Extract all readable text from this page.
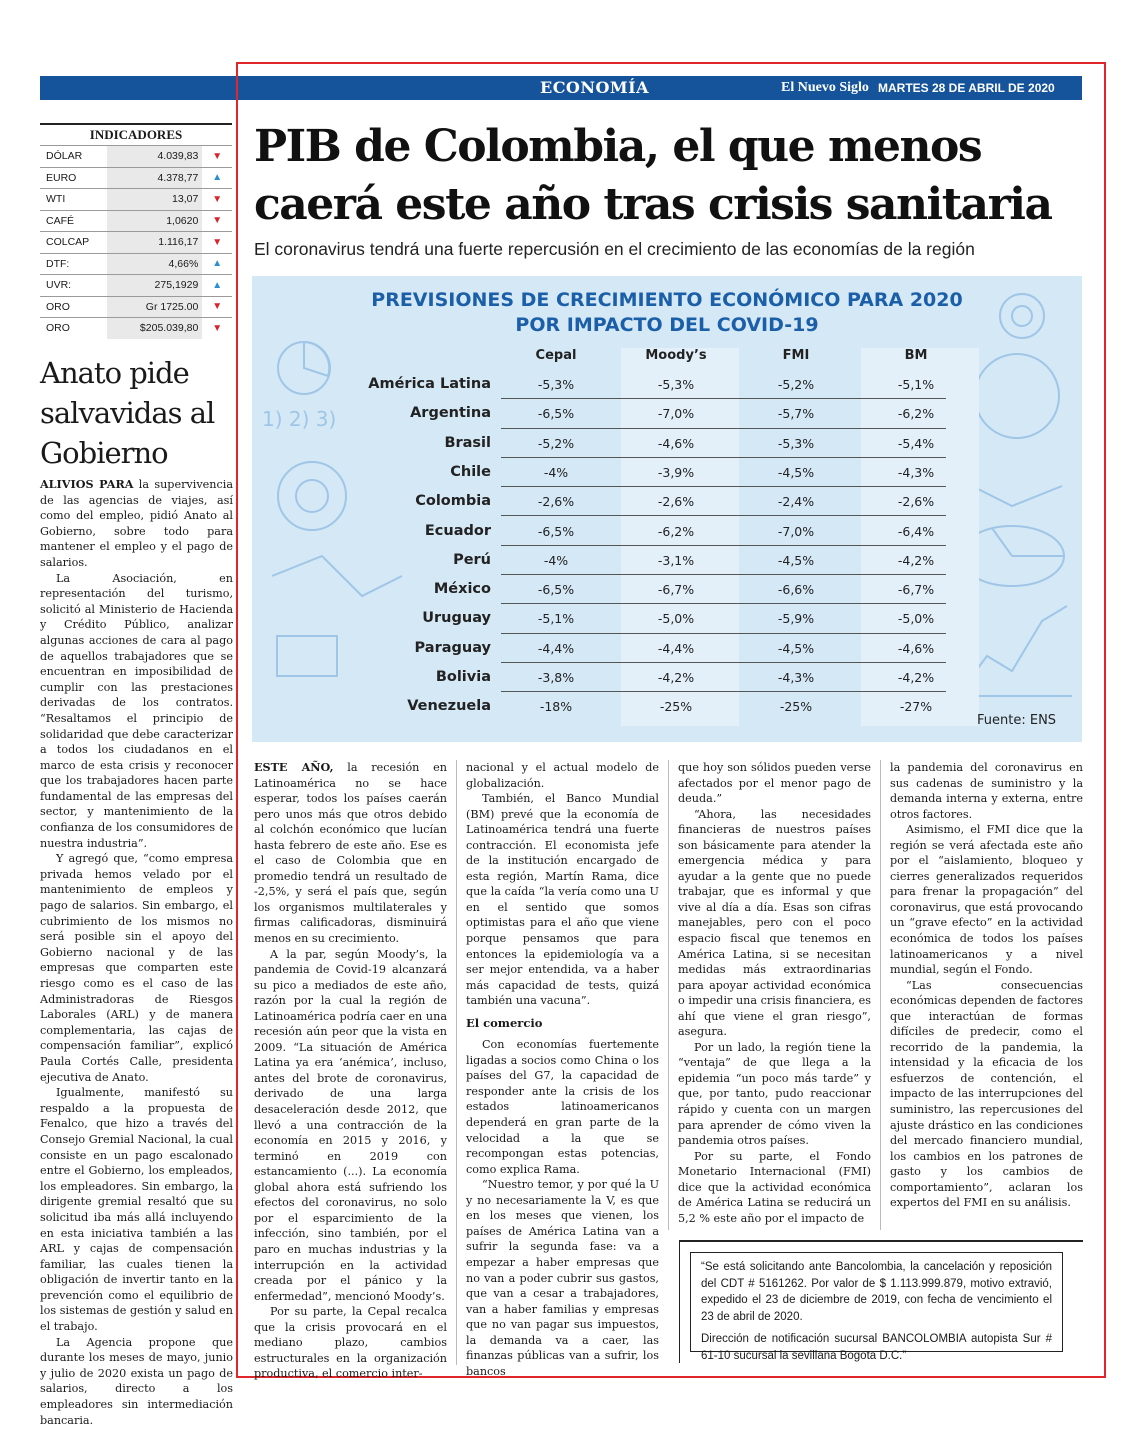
ECONOMÍA	El Nuevo Siglo MARTES 28 DE ABRIL DE 2020 15
INDICADORES
DÓLAR	4.039,83	▼
EURO	4.378,77	▲
WTI	13,07	▼
CAFÉ	1,0620	▼
COLCAP	1.116,17	▼
DTF:	4,66%	▲
UVR:	275,1929	▲
ORO	Gr 1725.00	▼
ORO	$205.039,80	▼
Anato pide salvavidas al Gobierno

ALIVIOS PARA la supervivencia de las agencias de viajes, así como del empleo, pidió Anato al Gobierno, sobre todo para mantener el empleo y el pago de salarios.

La Asociación, en representación del turismo, solicitó al Ministerio de Hacienda y Crédito Público, analizar algunas acciones de cara al pago de aquellos trabajadores que se encuentran en imposibilidad de cumplir con las prestaciones derivadas de los contratos. “Resaltamos el principio de solidaridad que debe caracterizar a todos los ciudadanos en el marco de esta crisis y reconocer que los trabajadores hacen parte fundamental de las empresas del sector, y mantenimiento de la confianza de los consumidores de nuestra industria”.

Y agregó que, “como empresa privada hemos velado por el mantenimiento de empleos y pago de salarios. Sin embargo, el cubrimiento de los mismos no será posible sin el apoyo del Gobierno nacional y de las empresas que comparten este riesgo como es el caso de las Administradoras de Riesgos Laborales (ARL) y de manera complementaria, las cajas de compensación familiar”, explicó Paula Cortés Calle, presidenta ejecutiva de Anato.

Igualmente, manifestó su respaldo a la propuesta de Fenalco, que hizo a través del Consejo Gremial Nacional, la cual consiste en un pago escalonado entre el Gobierno, los empleados, los empleadores. Sin embargo, la dirigente gremial resaltó que su solicitud iba más allá incluyendo en esta iniciativa también a las ARL y cajas de compensación familiar, las cuales tienen la obligación de invertir tanto en la prevención como el equilibrio de los sistemas de gestión y salud en el trabajo.

La Agencia propone que durante los meses de mayo, junio y julio de 2020 exista un pago de salarios, directo a los empleadores sin intermediación bancaria.

PIB de Colombia, el que menos caerá este año tras crisis sanitaria
El coronavirus tendrá una fuerte repercusión en el crecimiento de las economías de la región
1) 2) 3)
PREVISIONES DE CRECIMIENTO ECONÓMICO PARA 2020
POR IMPACTO DEL COVID-19
Cepal	Moody’s	FMI	BM
América Latina	-5,3%	-5,3%	-5,2%	-5,1%
Argentina	-6,5%	-7,0%	-5,7%	-6,2%
Brasil	-5,2%	-4,6%	-5,3%	-5,4%
Chile	-4%	-3,9%	-4,5%	-4,3%
Colombia	-2,6%	-2,6%	-2,4%	-2,6%
Ecuador	-6,5%	-6,2%	-7,0%	-6,4%
Perú	-4%	-3,1%	-4,5%	-4,2%
México	-6,5%	-6,7%	-6,6%	-6,7%
Uruguay	-5,1%	-5,0%	-5,9%	-5,0%
Paraguay	-4,4%	-4,4%	-4,5%	-4,6%
Bolivia	-3,8%	-4,2%	-4,3%	-4,2%
Venezuela	-18%	-25%	-25%	-27%
Fuente: ENS

ESTE AÑO, la recesión en Latinoamérica no se hace esperar, todos los países caerán pero unos más que otros debido al colchón económico que lucían hasta febrero de este año. Ese es el caso de Colombia que en promedio tendrá un resultado de -2,5%, y será el país que, según los organismos multilaterales y firmas calificadoras, disminuirá menos en su crecimiento.

A la par, según Moody’s, la pandemia de Covid-19 alcanzará su pico a mediados de este año, razón por la cual la región de Latinoamérica podría caer en una recesión aún peor que la vista en 2009. “La situación de América Latina ya era ‘anémica’, incluso, antes del brote de coronavirus, derivado de una larga desaceleración desde 2012, que llevó a una contracción de la economía en 2015 y 2016, y terminó en 2019 con estancamiento (...). La economía global ahora está sufriendo los efectos del coronavirus, no solo por el esparcimiento de la infección, sino también, por el paro en muchas industrias y la interrupción en la actividad creada por el pánico y la enfermedad”, mencionó Moody’s.

Por su parte, la Cepal recalca que la crisis provocará en el mediano plazo, cambios estructurales en la organización productiva, el comercio inter-

nacional y el actual modelo de globalización.

También, el Banco Mundial (BM) prevé que la economía de Latinoamérica tendrá una fuerte contracción. El economista jefe de la institución encargado de esta región, Martín Rama, dice que la caída “la vería como una U en el sentido que somos optimistas para el año que viene porque pensamos que para entonces la epidemiología va a ser mejor entendida, va a haber más capacidad de tests, quizá también una vacuna”.

El comercio

Con economías fuertemente ligadas a socios como China o los países del G7, la capacidad de responder ante la crisis de los estados latinoamericanos dependerá en gran parte de la velocidad a la que se recompongan estas potencias, como explica Rama.

“Nuestro temor, y por qué la U y no necesariamente la V, es que en los meses que vienen, los países de América Latina van a sufrir la segunda fase: va a empezar a haber empresas que no van a poder cubrir sus gastos, que van a cesar a trabajadores, van a haber familias y empresas que no van pagar sus impuestos, la demanda va a caer, las finanzas públicas van a sufrir, los bancos

que hoy son sólidos pueden verse afectados por el menor pago de deuda.”

“Ahora, las necesidades financieras de nuestros países son básicamente para atender la emergencia médica y para ayudar a la gente que no puede trabajar, que es informal y que vive al día a día. Esas son cifras manejables, pero con el poco espacio fiscal que tenemos en América Latina, si se necesitan medidas más extraordinarias para apoyar actividad económica o impedir una crisis financiera, es ahí que viene el gran riesgo”, asegura.

Por un lado, la región tiene la “ventaja” de que llega a la epidemia “un poco más tarde” y que, por tanto, pudo reaccionar rápido y cuenta con un margen para aprender de cómo viven la pandemia otros países.

Por su parte, el Fondo Monetario Internacional (FMI) dice que la actividad económica de América Latina se reducirá un 5,2 % este año por el impacto de

la pandemia del coronavirus en sus cadenas de suministro y la demanda interna y externa, entre otros factores.

Asimismo, el FMI dice que la región se verá afectada este año por el “aislamiento, bloqueo y cierres generalizados requeridos para frenar la propagación” del coronavirus, que está provocando un “grave efecto” en la actividad económica de todos los países latinoamericanos y a nivel mundial, según el Fondo.

“Las consecuencias económicas dependen de factores que interactúan de formas difíciles de predecir, como el recorrido de la pandemia, la intensidad y la eficacia de los esfuerzos de contención, el impacto de las interrupciones del suministro, las repercusiones del ajuste drástico en las condiciones del mercado financiero mundial, los cambios en los patrones de gasto y los cambios de comportamiento”, aclaran los expertos del FMI en su análisis.

“Se está solicitando ante Bancolombia, la cancelación y reposición del CDT # 5161262. Por valor de $ 1.113.999.879, motivo extravió, expedido el 23 de diciembre de 2019, con fecha de vencimiento el 23 de abril de 2020.

Dirección de notificación sucursal BANCOLOMBIA autopista Sur # 61-10 sucursal la sevillana Bogota D.C.”
